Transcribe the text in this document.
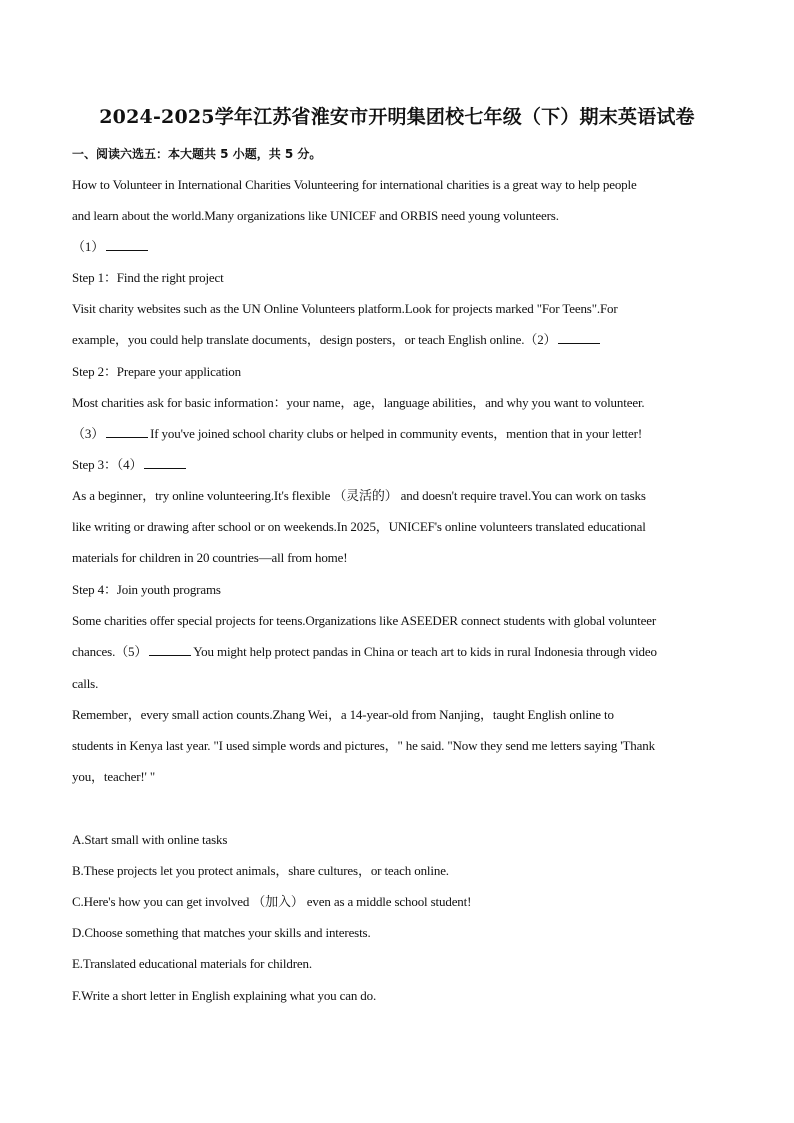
2024-2025学年江苏省淮安市开明集团校七年级（下）期末英语试卷
一、阅读六选五：本大题共 5 小题，共 5 分。
How to Volunteer in International Charities Volunteering for international charities is a great way to help people
and learn about the world.Many organizations like UNICEF and ORBIS need young volunteers.
（1）
Step 1：Find the right project
Visit charity websites such as the UN Online Volunteers platform.Look for projects marked "For Teens".For
example，you could help translate documents，design posters，or teach English online.（2）
Step 2：Prepare your application
Most charities ask for basic information：your name，age，language abilities，and why you want to volunteer.
（3）	If you've joined school charity clubs or helped in community events，mention that in your letter!
Step 3：（4）
As a beginner，try online volunteering.It's flexible （灵活的） and doesn't require travel.You can work on tasks
like writing or drawing after school or on weekends.In 2025，UNICEF's online volunteers translated educational
materials for children in 20 countries—all from home!
Step 4：Join youth programs
Some charities offer special projects for teens.Organizations like ASEEDER connect students with global volunteer
chances.（5）	You might help protect pandas in China or teach art to kids in rural Indonesia through video
calls.
Remember，every small action counts.Zhang Wei，a 14-year-old from Nanjing，taught English online to
students in Kenya last year. "I used simple words and pictures，" he said. "Now they send me letters saying 'Thank
you，teacher!' "
A.Start small with online tasks
B.These projects let you protect animals，share cultures，or teach online.
C.Here's how you can get involved （加入） even as a middle school student!
D.Choose something that matches your skills and interests.
E.Translated educational materials for children.
F.Write a short letter in English explaining what you can do.
